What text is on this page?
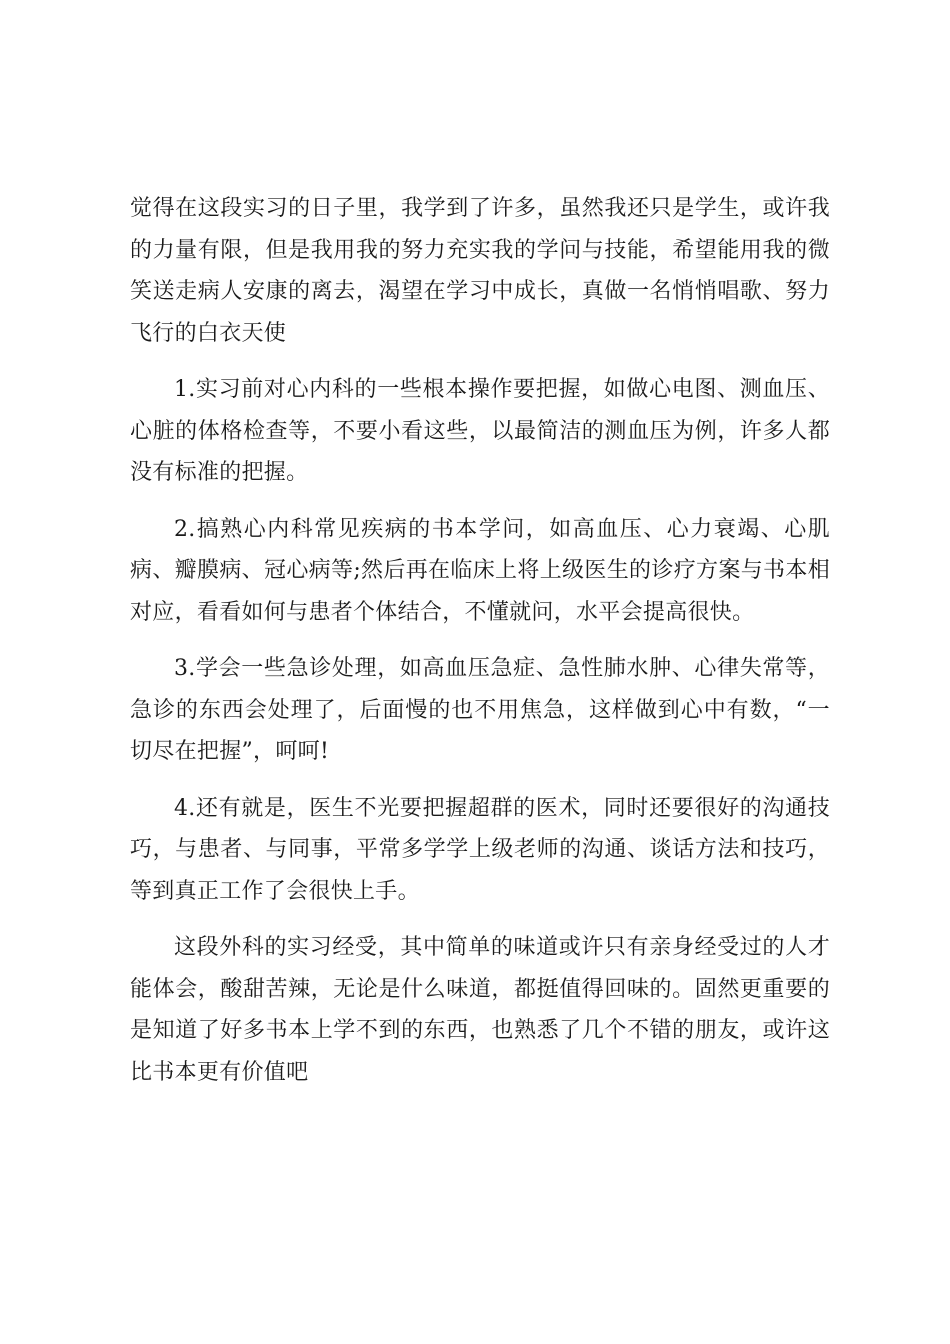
觉得在这段实习的日子里，我学到了许多，虽然我还只是学生，或许我
的力量有限，但是我用我的努力充实我的学问与技能，希望能用我的微
笑送走病人安康的离去，渴望在学习中成长，真做一名悄悄唱歌、努力
飞行的白衣天使
1.实习前对心内科的一些根本操作要把握，如做心电图、测血压、
心脏的体格检查等，不要小看这些，以最简洁的测血压为例，许多人都
没有标准的把握。
2.搞熟心内科常见疾病的书本学问，如高血压、心力衰竭、心肌
病、瓣膜病、冠心病等;然后再在临床上将上级医生的诊疗方案与书本相
对应，看看如何与患者个体结合，不懂就问，水平会提高很快。
3.学会一些急诊处理，如高血压急症、急性肺水肿、心律失常等，
急诊的东西会处理了，后面慢的也不用焦急，这样做到心中有数，“一
切尽在把握”，呵呵!
4.还有就是，医生不光要把握超群的医术，同时还要很好的沟通技
巧，与患者、与同事，平常多学学上级老师的沟通、谈话方法和技巧，
等到真正工作了会很快上手。
这段外科的实习经受，其中简单的味道或许只有亲身经受过的人才
能体会，酸甜苦辣，无论是什么味道，都挺值得回味的。固然更重要的
是知道了好多书本上学不到的东西，也熟悉了几个不错的朋友，或许这
比书本更有价值吧
